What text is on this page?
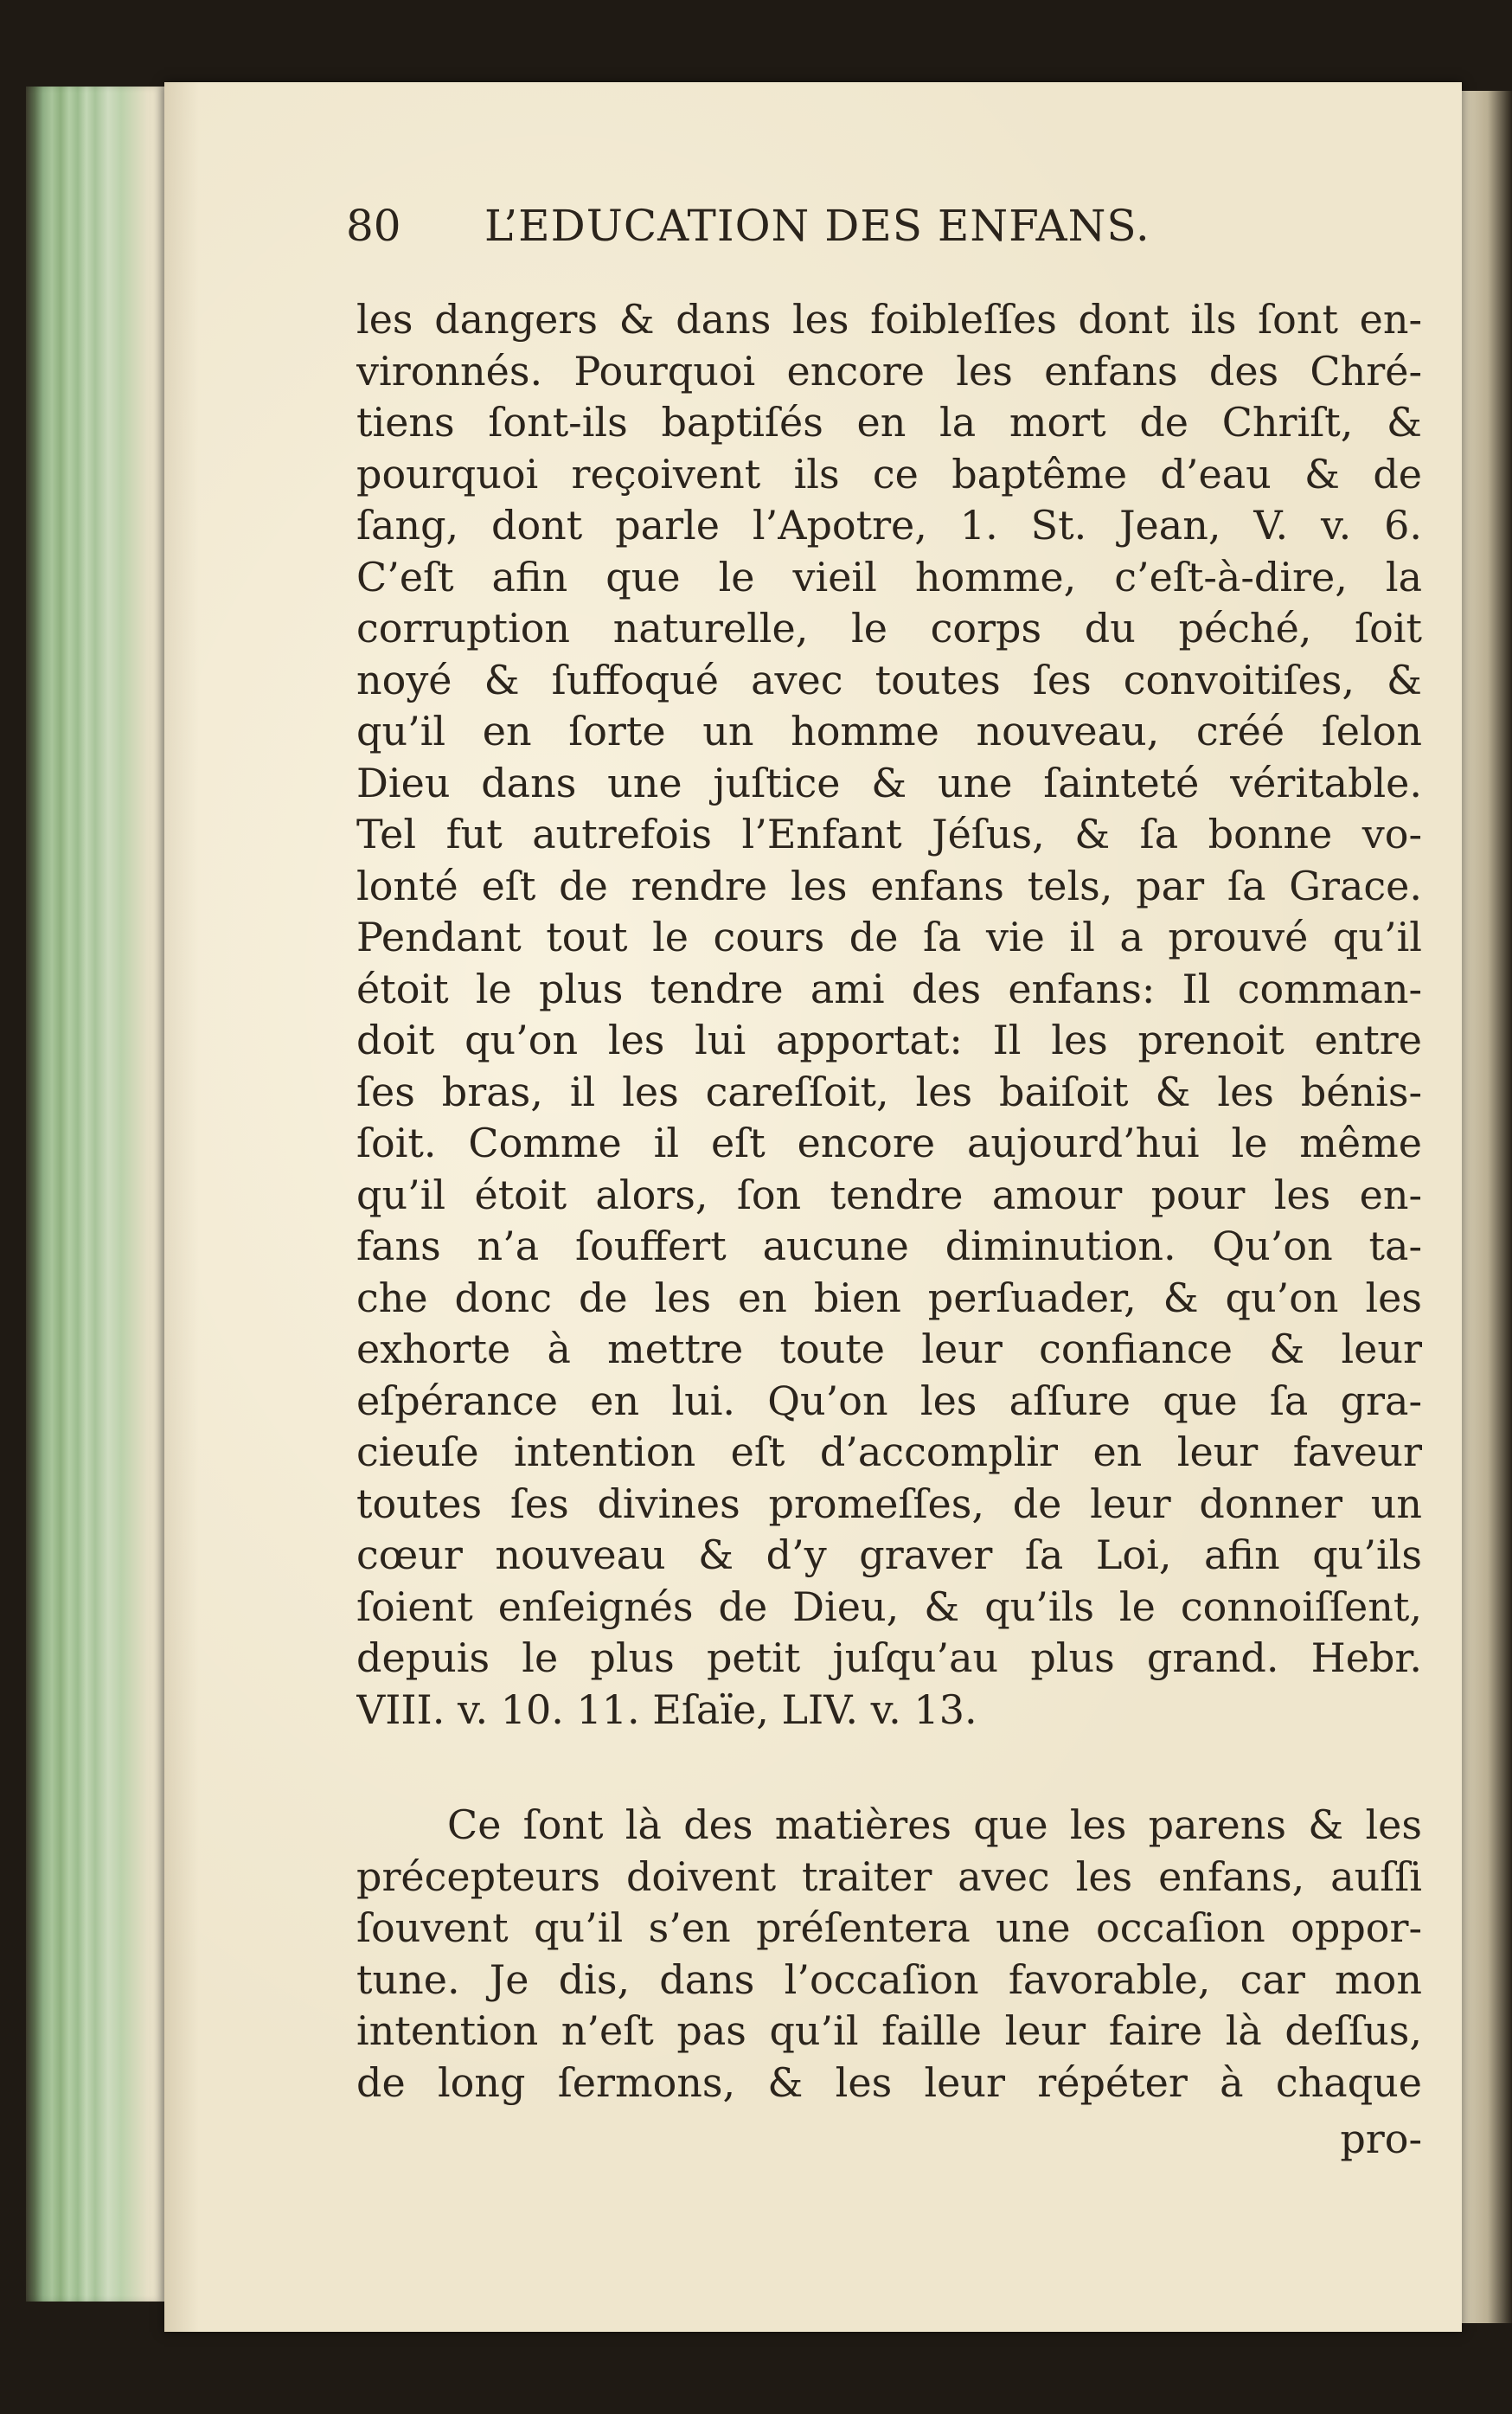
80 L’EDUCATION DES ENFANS.
les dangers & dans les foibleſſes dont ils ſont en-
vironnés. Pourquoi encore les enfans des Chré-
tiens ſont-ils baptiſés en la mort de Chriſt, &
pourquoi reçoivent ils ce baptême d’eau & de
ſang, dont parle l’Apotre, 1. St. Jean, V. v. 6.
C’eſt afin que le vieil homme, c’eſt-à-dire, la
corruption naturelle, le corps du péché, ſoit
noyé & ſuffoqué avec toutes ſes convoitiſes, &
qu’il en ſorte un homme nouveau, créé ſelon
Dieu dans une juſtice & une ſainteté véritable.
Tel fut autrefois l’Enfant Jéſus, & ſa bonne vo-
lonté eſt de rendre les enfans tels, par ſa Grace.
Pendant tout le cours de ſa vie il a prouvé qu’il
étoit le plus tendre ami des enfans: Il comman-
doit qu’on les lui apportat: Il les prenoit entre
ſes bras, il les careſſoit, les baiſoit & les bénis-
ſoit. Comme il eſt encore aujourd’hui le même
qu’il étoit alors, ſon tendre amour pour les en-
fans n’a ſouffert aucune diminution. Qu’on ta-
che donc de les en bien perſuader, & qu’on les
exhorte à mettre toute leur confiance & leur
eſpérance en lui. Qu’on les aſſure que ſa gra-
cieuſe intention eſt d’accomplir en leur faveur
toutes ſes divines promeſſes, de leur donner un
cœur nouveau & d’y graver ſa Loi, afin qu’ils
ſoient enſeignés de Dieu, & qu’ils le connoiſſent,
depuis le plus petit juſqu’au plus grand. Hebr.
VIII. v. 10. 11. Eſaïe, LIV. v. 13.
Ce ſont là des matières que les parens & les
précepteurs doivent traiter avec les enfans, auſſi
ſouvent qu’il s’en préſentera une occaſion oppor-
tune. Je dis, dans l’occaſion favorable, car mon
intention n’eſt pas qu’il faille leur faire là deſſus,
de long ſermons, & les leur répéter à chaque
pro-
